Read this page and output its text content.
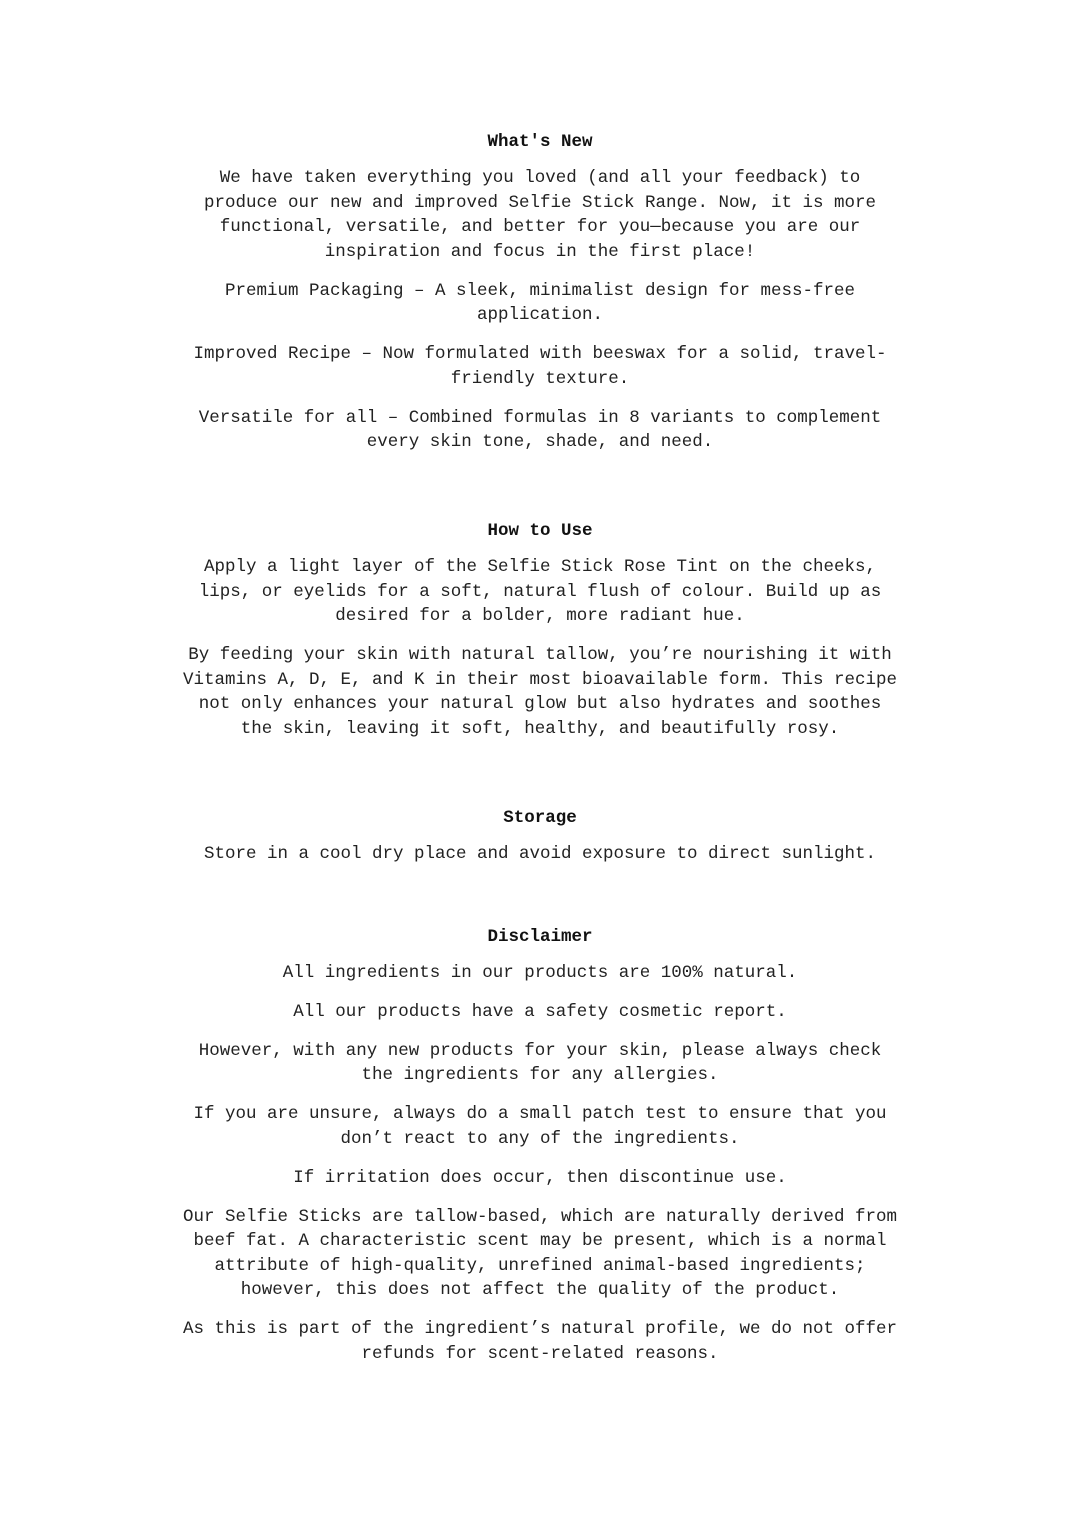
What's New

We have taken everything you loved (and all your feedback) to
produce our new and improved Selfie Stick Range. Now, it is more
functional, versatile, and better for you—because you are our
inspiration and focus in the first place!

Premium Packaging – A sleek, minimalist design for mess-free
application.

Improved Recipe – Now formulated with beeswax for a solid, travel-
friendly texture.

Versatile for all – Combined formulas in 8 variants to complement
every skin tone, shade, and need.

How to Use

Apply a light layer of the Selfie Stick Rose Tint on the cheeks,
lips, or eyelids for a soft, natural flush of colour. Build up as
desired for a bolder, more radiant hue.

By feeding your skin with natural tallow, you’re nourishing it with
Vitamins A, D, E, and K in their most bioavailable form. This recipe
not only enhances your natural glow but also hydrates and soothes
the skin, leaving it soft, healthy, and beautifully rosy.

Storage

Store in a cool dry place and avoid exposure to direct sunlight.

Disclaimer

All ingredients in our products are 100% natural.

All our products have a safety cosmetic report.

However, with any new products for your skin, please always check
the ingredients for any allergies.

If you are unsure, always do a small patch test to ensure that you
don’t react to any of the ingredients.

If irritation does occur, then discontinue use.

Our Selfie Sticks are tallow-based, which are naturally derived from
beef fat. A characteristic scent may be present, which is a normal
attribute of high-quality, unrefined animal-based ingredients;
however, this does not affect the quality of the product.

As this is part of the ingredient’s natural profile, we do not offer
refunds for scent-related reasons.
